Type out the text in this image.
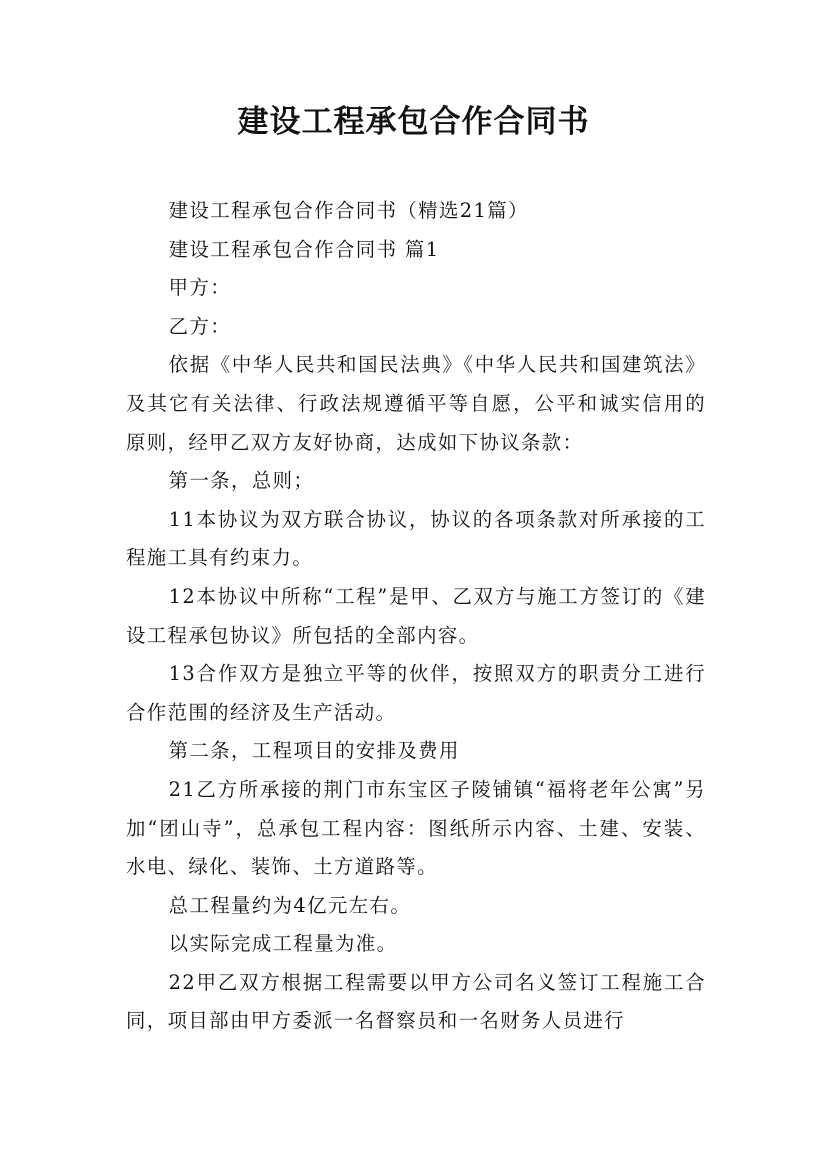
建设工程承包合作合同书

建设工程承包合作合同书（精选21篇）

建设工程承包合作合同书 篇1

甲方：

乙方：

依据《中华人民共和国民法典》《中华人民共和国建筑法》及其它有关法律、行政法规遵循平等自愿，公平和诚实信用的原则，经甲乙双方友好协商，达成如下协议条款：

第一条，总则；

11本协议为双方联合协议，协议的各项条款对所承接的工程施工具有约束力。

12本协议中所称“工程”是甲、乙双方与施工方签订的《建设工程承包协议》所包括的全部内容。

13合作双方是独立平等的伙伴，按照双方的职责分工进行合作范围的经济及生产活动。

第二条，工程项目的安排及费用

21乙方所承接的荆门市东宝区子陵铺镇“福将老年公寓”另加“团山寺”，总承包工程内容：图纸所示内容、土建、安装、水电、绿化、装饰、土方道路等。

总工程量约为4亿元左右。

以实际完成工程量为准。

22甲乙双方根据工程需要以甲方公司名义签订工程施工合同，项目部由甲方委派一名督察员和一名财务人员进行
